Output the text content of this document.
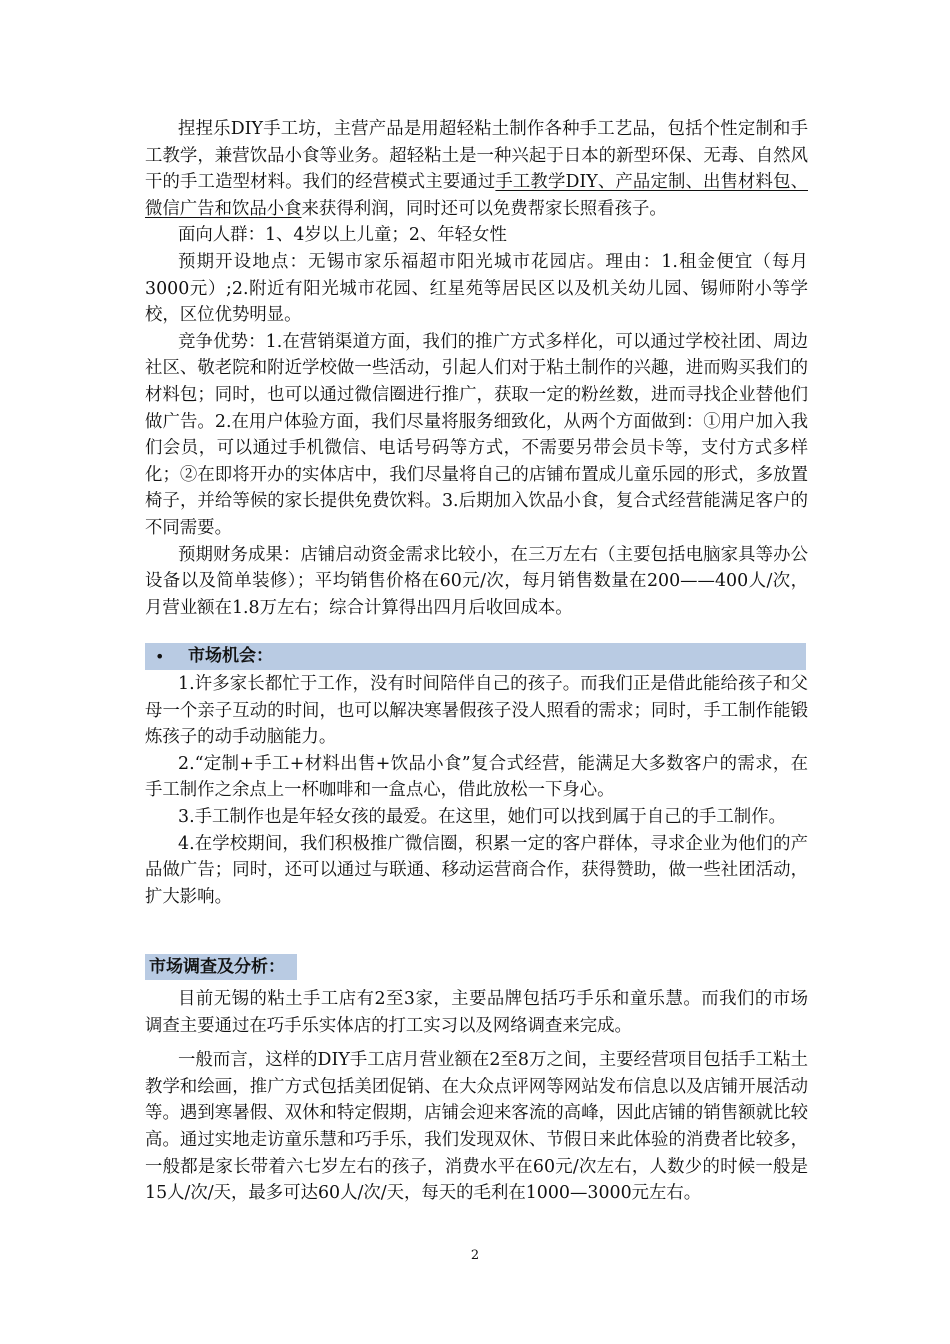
捏捏乐DIY手工坊，主营产品是用超轻粘土制作各种手工艺品，包括个性定制和手工教学，兼营饮品小食等业务。超轻粘土是一种兴起于日本的新型环保、无毒、自然风干的手工造型材料。我们的经营模式主要通过手工教学DIY、产品定制、出售材料包、微信广告和饮品小食来获得利润，同时还可以免费帮家长照看孩子。

面向人群：1、4岁以上儿童；2、年轻女性

预期开设地点：无锡市家乐福超市阳光城市花园店。理由：1.租金便宜（每月3000元）;2.附近有阳光城市花园、红星苑等居民区以及机关幼儿园、锡师附小等学校，区位优势明显。

竞争优势：1.在营销渠道方面，我们的推广方式多样化，可以通过学校社团、周边社区、敬老院和附近学校做一些活动，引起人们对于粘土制作的兴趣，进而购买我们的材料包；同时，也可以通过微信圈进行推广，获取一定的粉丝数，进而寻找企业替他们做广告。2.在用户体验方面，我们尽量将服务细致化，从两个方面做到：①用户加入我们会员，可以通过手机微信、电话号码等方式，不需要另带会员卡等，支付方式多样化；②在即将开办的实体店中，我们尽量将自己的店铺布置成儿童乐园的形式，多放置椅子，并给等候的家长提供免费饮料。3.后期加入饮品小食，复合式经营能满足客户的不同需要。

预期财务成果：店铺启动资金需求比较小，在三万左右（主要包括电脑家具等办公设备以及简单装修）；平均销售价格在60元/次，每月销售数量在200——400人/次，月营业额在1.8万左右；综合计算得出四月后收回成本。

• 市场机会：

1.许多家长都忙于工作，没有时间陪伴自己的孩子。而我们正是借此能给孩子和父母一个亲子互动的时间，也可以解决寒暑假孩子没人照看的需求；同时，手工制作能锻炼孩子的动手动脑能力。

2.“定制+手工+材料出售+饮品小食”复合式经营，能满足大多数客户的需求，在手工制作之余点上一杯咖啡和一盒点心，借此放松一下身心。

3.手工制作也是年轻女孩的最爱。在这里，她们可以找到属于自己的手工制作。

4.在学校期间，我们积极推广微信圈，积累一定的客户群体，寻求企业为他们的产品做广告；同时，还可以通过与联通、移动运营商合作，获得赞助，做一些社团活动，扩大影响。

市场调查及分析：

目前无锡的粘土手工店有2至3家，主要品牌包括巧手乐和童乐慧。而我们的市场调查主要通过在巧手乐实体店的打工实习以及网络调查来完成。

一般而言，这样的DIY手工店月营业额在2至8万之间，主要经营项目包括手工粘土教学和绘画，推广方式包括美团促销、在大众点评网等网站发布信息以及店铺开展活动等。遇到寒暑假、双休和特定假期，店铺会迎来客流的高峰，因此店铺的销售额就比较高。通过实地走访童乐慧和巧手乐，我们发现双休、节假日来此体验的消费者比较多，一般都是家长带着六七岁左右的孩子，消费水平在60元/次左右，人数少的时候一般是15人/次/天，最多可达60人/次/天，每天的毛利在1000—3000元左右。

2
